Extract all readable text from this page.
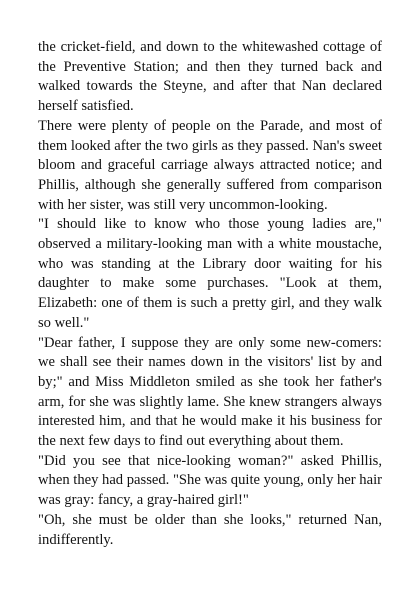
the cricket-field, and down to the whitewashed cottage of the Preventive Station; and then they turned back and walked towards the Steyne, and after that Nan declared herself satisfied.

There were plenty of people on the Parade, and most of them looked after the two girls as they passed. Nan's sweet bloom and graceful carriage always attracted notice; and Phillis, although she generally suffered from comparison with her sister, was still very uncommon-looking.

"I should like to know who those young ladies are," observed a military-looking man with a white moustache, who was standing at the Library door waiting for his daughter to make some purchases. "Look at them, Elizabeth: one of them is such a pretty girl, and they walk so well."

"Dear father, I suppose they are only some new-comers: we shall see their names down in the visitors' list by and by;" and Miss Middleton smiled as she took her father's arm, for she was slightly lame. She knew strangers always interested him, and that he would make it his business for the next few days to find out everything about them.

"Did you see that nice-looking woman?" asked Phillis, when they had passed. "She was quite young, only her hair was gray: fancy, a gray-haired girl!"

"Oh, she must be older than she looks," returned Nan, indifferently.
